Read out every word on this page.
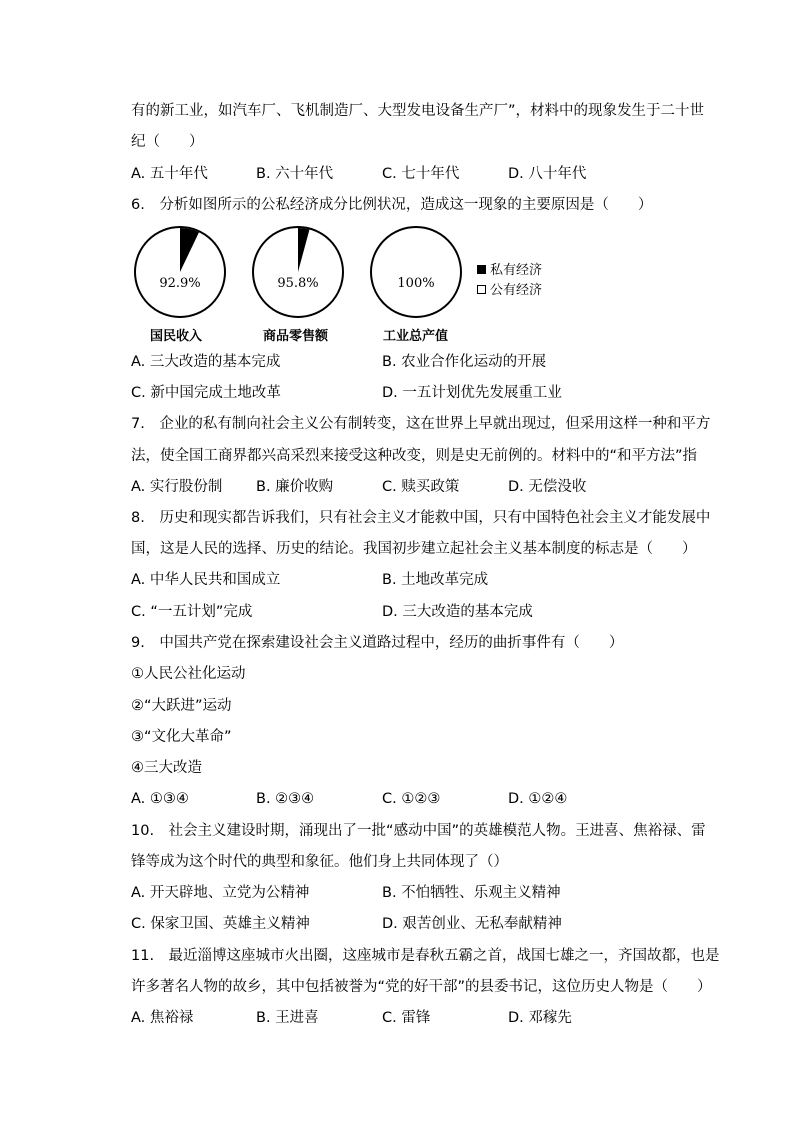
有的新工业，如汽车厂、飞机制造厂、大型发电设备生产厂”，材料中的现象发生于二十世
纪（　　）
A. 五十年代	B. 六十年代	C. 七十年代	D. 八十年代
6.　分析如图所示的公私经济成分比例状况，造成这一现象的主要原因是（　　）
92.9%
国民收入
95.8%
商品零售额
100%
工业总产值
私有经济
公有经济
A. 三大改造的基本完成	B. 农业合作化运动的开展
C. 新中国完成土地改革	D. 一五计划优先发展重工业
7.　企业的私有制向社会主义公有制转变，这在世界上早就出现过，但采用这样一种和平方
法，使全国工商界都兴高采烈来接受这种改变，则是史无前例的。材料中的“和平方法”指
A. 实行股份制 B. 廉价收购	C. 赎买政策	D. 无偿没收
8.　历史和现实都告诉我们，只有社会主义才能救中国，只有中国特色社会主义才能发展中
国，这是人民的选择、历史的结论。我国初步建立起社会主义基本制度的标志是（　　）
A. 中华人民共和国成立	B. 土地改革完成
C. “一五计划”完成	D. 三大改造的基本完成
9.　中国共产党在探索建设社会主义道路过程中，经历的曲折事件有（　　）
①人民公社化运动
②“大跃进”运动
③“文化大革命”
④三大改造
A. ①③④	B. ②③④	C. ①②③	D. ①②④
10.　社会主义建设时期，涌现出了一批“感动中国”的英雄模范人物。王进喜、焦裕禄、雷
锋等成为这个时代的典型和象征。他们身上共同体现了（）
A. 开天辟地、立党为公精神	B. 不怕牺牲、乐观主义精神
C. 保家卫国、英雄主义精神	D. 艰苦创业、无私奉献精神
11.　最近淄博这座城市火出圈，这座城市是春秋五霸之首，战国七雄之一，齐国故都，也是
许多著名人物的故乡，其中包括被誉为“党的好干部”的县委书记，这位历史人物是（　　）
A. 焦裕禄	B. 王进喜	C. 雷锋	D. 邓稼先
